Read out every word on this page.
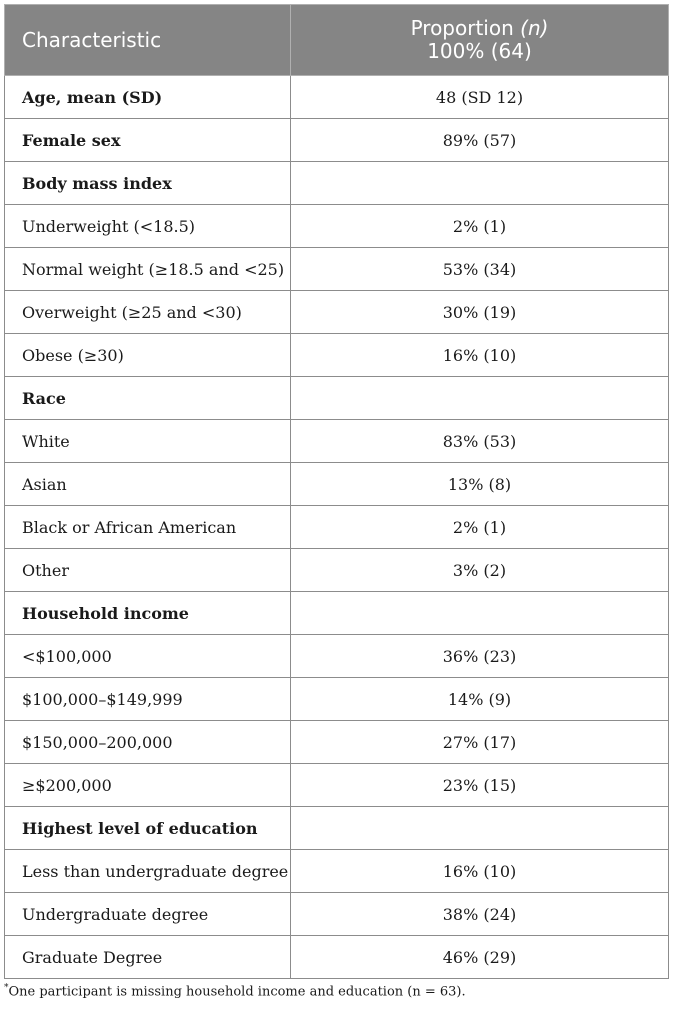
Characteristic	Proportion (n)
100% (64)
Age, mean (SD)	48 (SD 12)
Female sex	89% (57)
Body mass index	
Underweight (<18.5)	2% (1)
Normal weight (≥18.5 and <25)	53% (34)
Overweight (≥25 and <30)	30% (19)
Obese (≥30)	16% (10)
Race	
White	83% (53)
Asian	13% (8)
Black or African American	2% (1)
Other	3% (2)
Household income	
<$100,000	36% (23)
$100,000–$149,999	14% (9)
$150,000–200,000	27% (17)
≥$200,000	23% (15)
Highest level of education	
Less than undergraduate degree	16% (10)
Undergraduate degree	38% (24)
Graduate Degree	46% (29)
*One participant is missing household income and education (n = 63).
